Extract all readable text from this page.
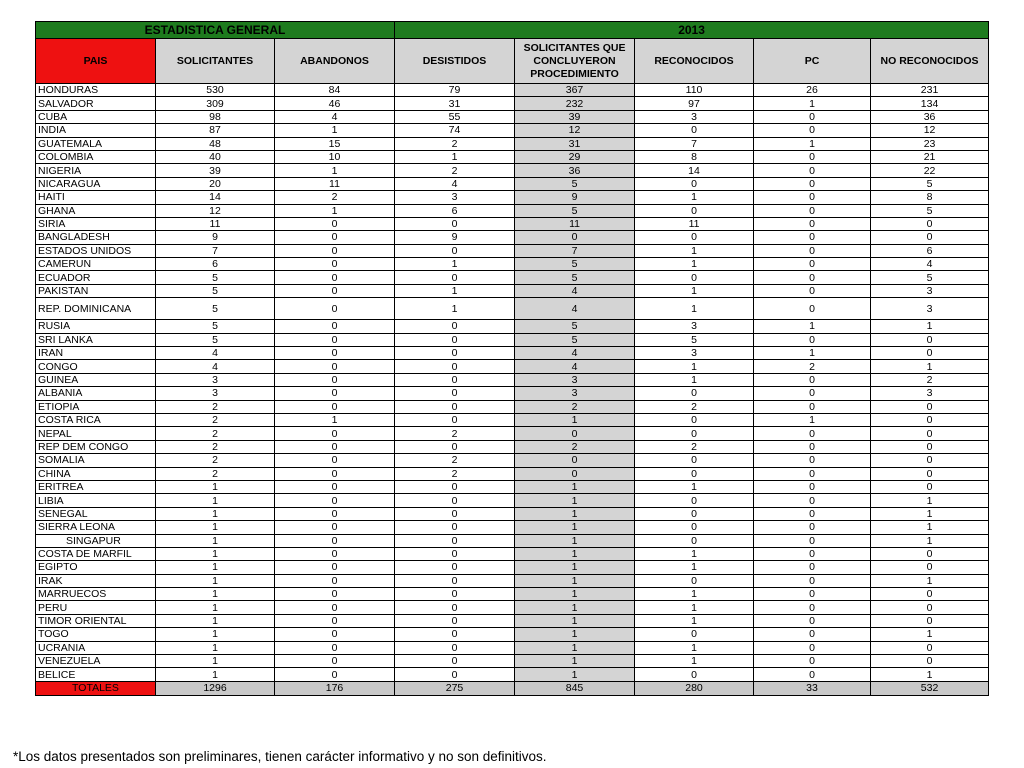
ESTADISTICA GENERAL			2013				
PAIS	SOLICITANTES	ABANDONOS	DESISTIDOS	SOLICITANTES QUE CONCLUYERON PROCEDIMIENTO	RECONOCIDOS	PC	NO RECONOCIDOS
HONDURAS	530	84	79	367	110	26	231
SALVADOR	309	46	31	232	97	1	134
CUBA	98	4	55	39	3	0	36
INDIA	87	1	74	12	0	0	12
GUATEMALA	48	15	2	31	7	1	23
COLOMBIA	40	10	1	29	8	0	21
NIGERIA	39	1	2	36	14	0	22
NICARAGUA	20	11	4	5	0	0	5
HAITI	14	2	3	9	1	0	8
GHANA	12	1	6	5	0	0	5
SIRIA	11	0	0	11	11	0	0
BANGLADESH	9	0	9	0	0	0	0
ESTADOS UNIDOS	7	0	0	7	1	0	6
CAMERUN	6	0	1	5	1	0	4
ECUADOR	5	0	0	5	0	0	5
PAKISTAN	5	0	1	4	1	0	3
REP. DOMINICANA	5	0	1	4	1	0	3
RUSIA	5	0	0	5	3	1	1
SRI LANKA	5	0	0	5	5	0	0
IRAN	4	0	0	4	3	1	0
CONGO	4	0	0	4	1	2	1
GUINEA	3	0	0	3	1	0	2
ALBANIA	3	0	0	3	0	0	3
ETIOPIA	2	0	0	2	2	0	0
COSTA RICA	2	1	0	1	0	1	0
NEPAL	2	0	2	0	0	0	0
REP DEM CONGO	2	0	0	2	2	0	0
SOMALIA	2	0	2	0	0	0	0
CHINA	2	0	2	0	0	0	0
ERITREA	1	0	0	1	1	0	0
LIBIA	1	0	0	1	0	0	1
SENEGAL	1	0	0	1	0	0	1
SIERRA LEONA	1	0	0	1	0	0	1
SINGAPUR	1	0	0	1	0	0	1
COSTA DE MARFIL	1	0	0	1	1	0	0
EGIPTO	1	0	0	1	1	0	0
IRAK	1	0	0	1	0	0	1
MARRUECOS	1	0	0	1	1	0	0
PERU	1	0	0	1	1	0	0
TIMOR ORIENTAL	1	0	0	1	1	0	0
TOGO	1	0	0	1	0	0	1
UCRANIA	1	0	0	1	1	0	0
VENEZUELA	1	0	0	1	1	0	0
BELICE	1	0	0	1	0	0	1
TOTALES	1296	176	275	845	280	33	532
*Los datos presentados son preliminares, tienen carácter informativo y no son definitivos.
